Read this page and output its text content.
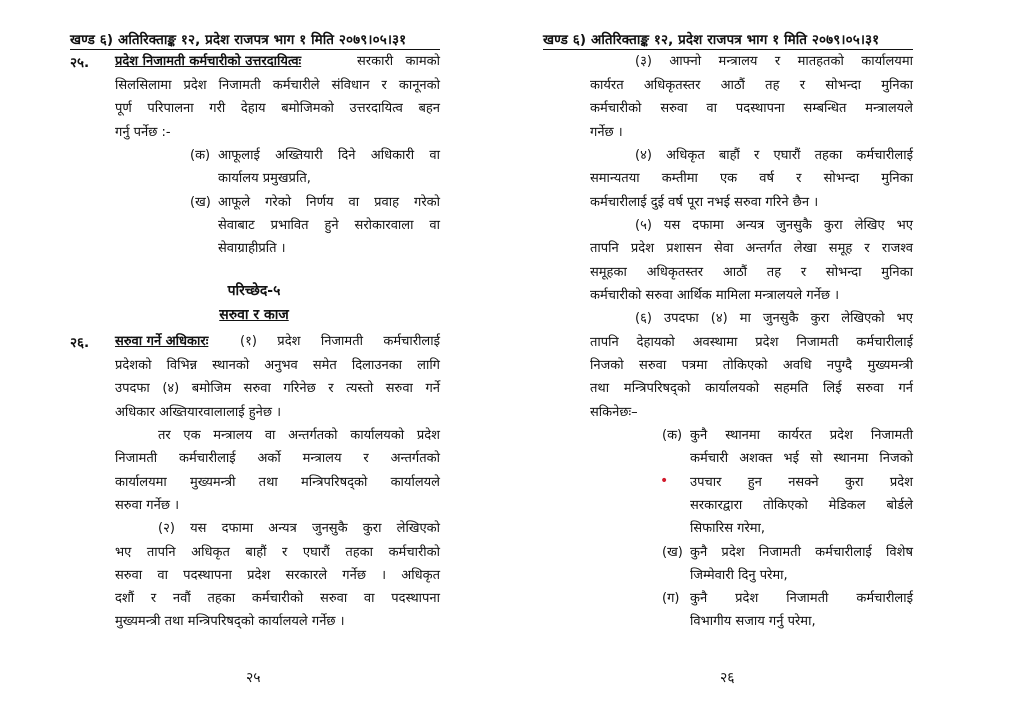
खण्ड ६) अतिरिक्ताङ्क १२, प्रदेश राजपत्र भाग १ मिति २०७९।०५।३१
२५. प्रदेश निजामती कर्मचारीको उत्तरदायित्वः	सरकारी कामको
सिलसिलामा प्रदेश निजामती कर्मचारीले संविधान र कानूनको
पूर्ण परिपालना गरी देहाय बमोजिमको उत्तरदायित्व बहन
गर्नु पर्नेछ :-
(क) आफूलाई अख्तियारी दिने अधिकारी वा
कार्यालय प्रमुखप्रति,
(ख) आफूले गरेको निर्णय वा प्रवाह गरेको
सेवाबाट प्रभावित हुने सरोकारवाला वा
सेवाग्राहीप्रति ।
परिच्छेद-५
सरुवा र काज
२६. सरुवा गर्ने अधिकारः (१) प्रदेश निजामती कर्मचारीलाई
प्रदेशको विभिन्न स्थानको अनुभव समेत दिलाउनका लागि
उपदफा (४) बमोजिम सरुवा गरिनेछ र त्यस्तो सरुवा गर्ने
अधिकार अख्तियारवालालाई हुनेछ ।
तर एक मन्त्रालय वा अन्तर्गतको कार्यालयको प्रदेश
निजामती कर्मचारीलाई अर्को मन्त्रालय र अन्तर्गतको
कार्यालयमा मुख्यमन्त्री तथा मन्त्रिपरिषद्को कार्यालयले
सरुवा गर्नेछ ।
(२) यस दफामा अन्यत्र जुनसुकै कुरा लेखिएको
भए तापनि अधिकृत बाहौं र एघारौं तहका कर्मचारीको
सरुवा वा पदस्थापना प्रदेश सरकारले गर्नेछ । अधिकृत
दशौं र नवौं तहका कर्मचारीको सरुवा वा पदस्थापना
मुख्यमन्त्री तथा मन्त्रिपरिषद्को कार्यालयले गर्नेछ ।
२५
खण्ड ६) अतिरिक्ताङ्क १२, प्रदेश राजपत्र भाग १ मिति २०७९।०५।३१
(३) आफ्नो मन्त्रालय र मातहतको कार्यालयमा
कार्यरत अधिकृतस्तर आठौं तह र सोभन्दा मुनिका
कर्मचारीको सरुवा वा पदस्थापना सम्बन्धित मन्त्रालयले
गर्नेछ ।
(४) अधिकृत बाहौं र एघारौं तहका कर्मचारीलाई
समान्यतया कम्तीमा एक वर्ष र सोभन्दा मुनिका
कर्मचारीलाई दुई वर्ष पूरा नभई सरुवा गरिने छैन ।
(५) यस दफामा अन्यत्र जुनसुकै कुरा लेखिए भए
तापनि प्रदेश प्रशासन सेवा अन्तर्गत लेखा समूह र राजश्व
समूहका अधिकृतस्तर आठौं तह र सोभन्दा मुनिका
कर्मचारीको सरुवा आर्थिक मामिला मन्त्रालयले गर्नेछ ।
(६) उपदफा (४) मा जुनसुकै कुरा लेखिएको भए
तापनि देहायको अवस्थामा प्रदेश निजामती कर्मचारीलाई
निजको सरुवा पत्रमा तोकिएको अवधि नपुग्दै मुख्यमन्त्री
तथा मन्त्रिपरिषद्को कार्यालयको सहमति लिई सरुवा गर्न
सकिनेछः–
(क) कुनै स्थानमा कार्यरत प्रदेश निजामती
कर्मचारी अशक्त भई सो स्थानमा निजको
• उपचार हुन नसक्ने कुरा प्रदेश
सरकारद्वारा तोकिएको मेडिकल बोर्डले
सिफारिस गरेमा,
(ख) कुनै प्रदेश निजामती कर्मचारीलाई विशेष
जिम्मेवारी दिनु परेमा,
(ग) कुनै प्रदेश निजामती कर्मचारीलाई
विभागीय सजाय गर्नु परेमा,
२६
